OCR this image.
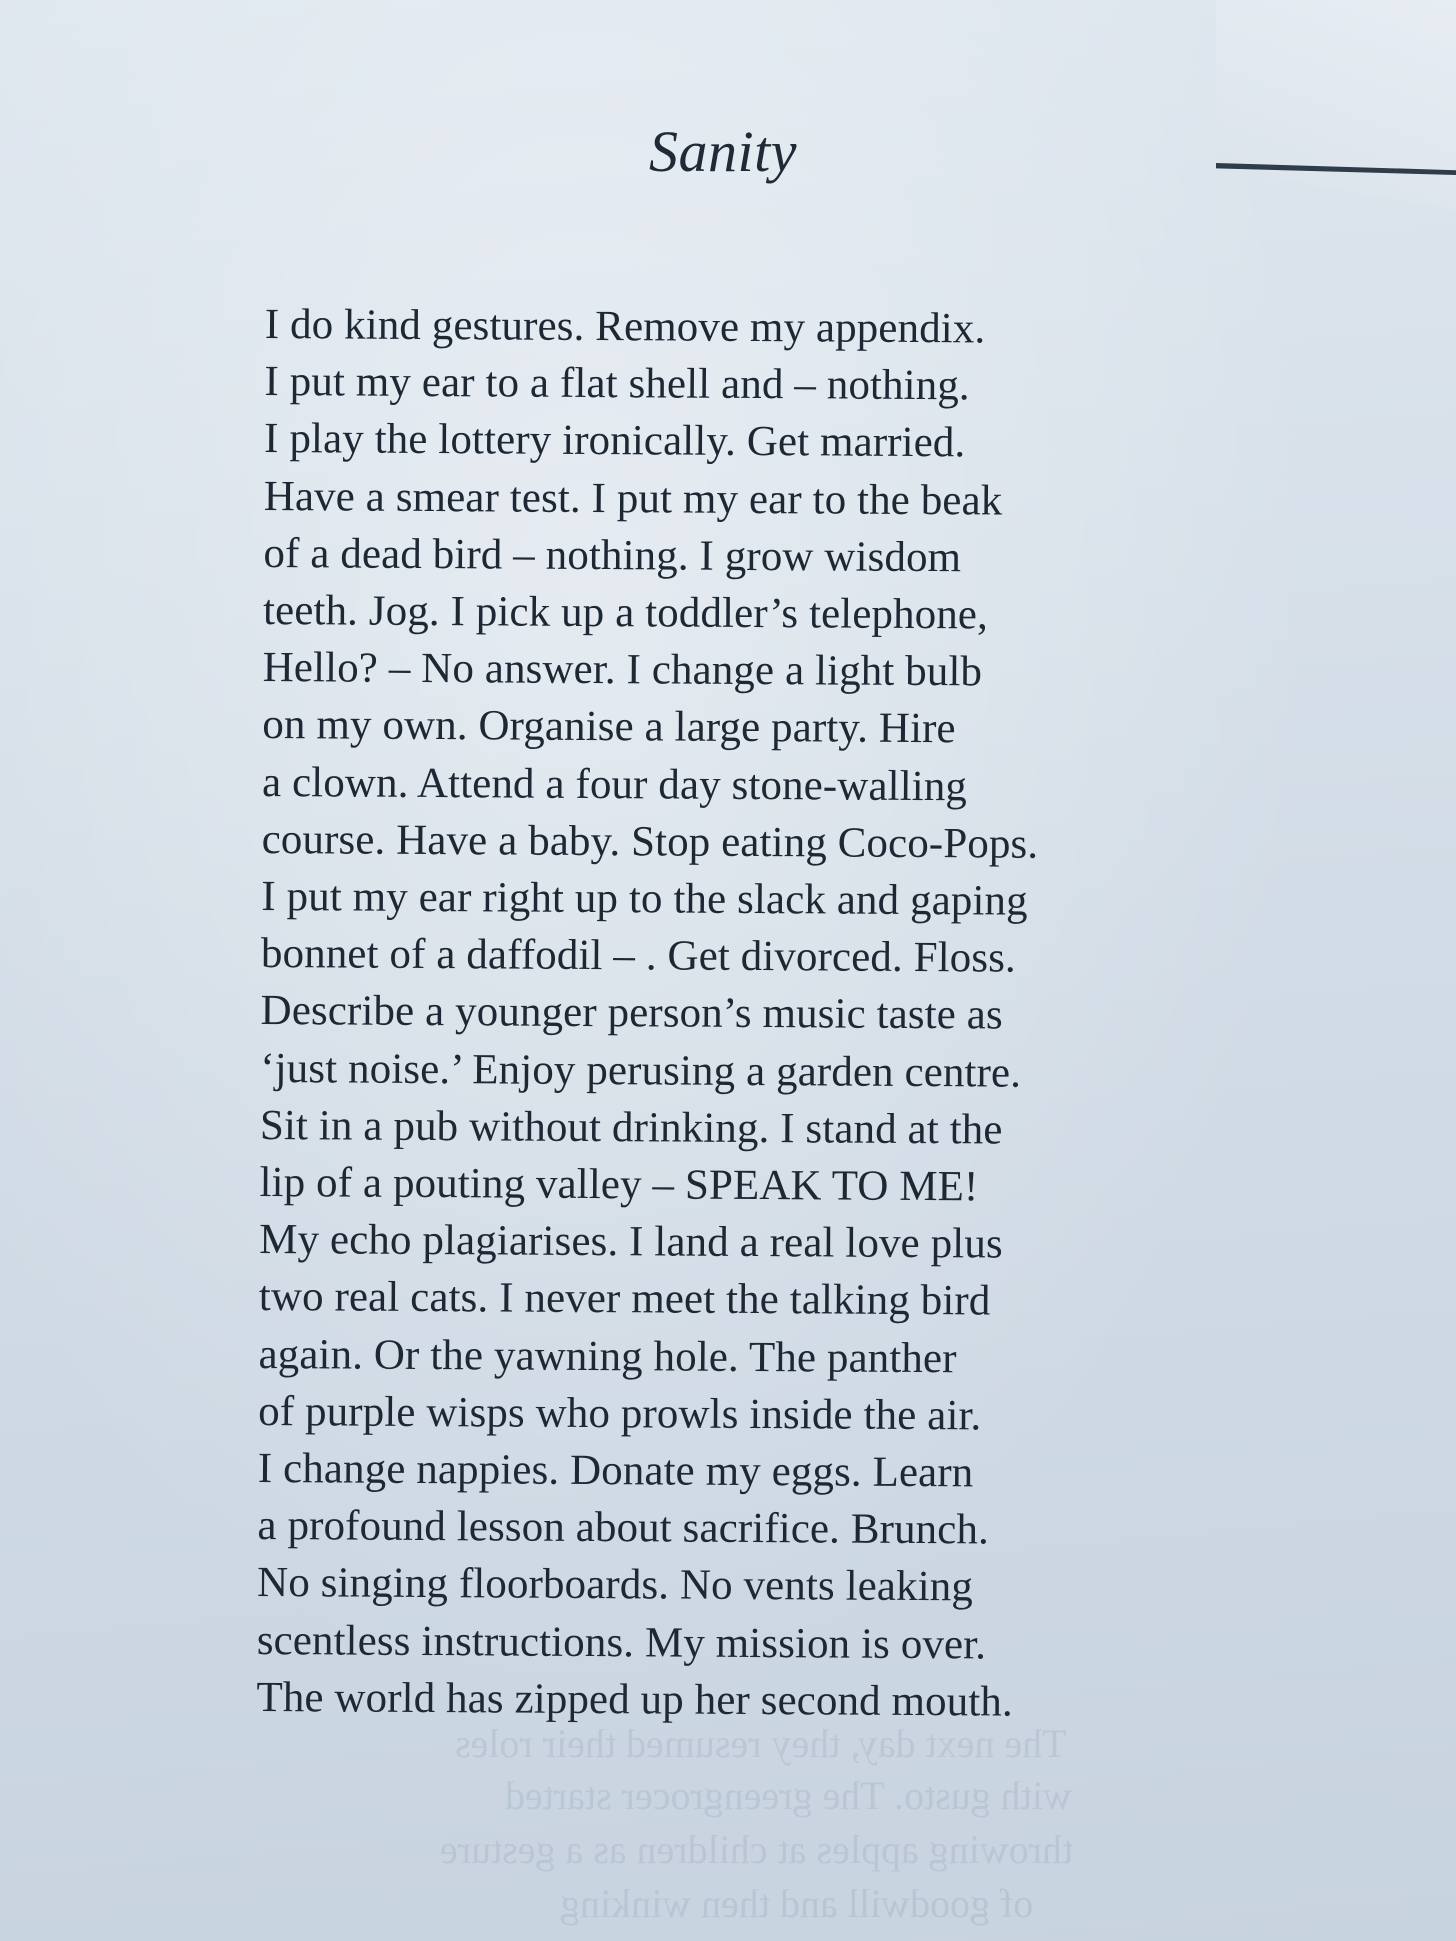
The next day, they resumed their roles
with gusto. The greengrocer started
throwing apples at children as a gesture
of goodwill and then winking
Sanity
I do kind gestures. Remove my appendix.
I put my ear to a flat shell and – nothing.
I play the lottery ironically. Get married.
Have a smear test. I put my ear to the beak
of a dead bird – nothing. I grow wisdom
teeth. Jog. I pick up a toddler’s telephone,
Hello? – No answer. I change a light bulb
on my own. Organise a large party. Hire
a clown. Attend a four day stone-walling
course. Have a baby. Stop eating Coco-Pops.
I put my ear right up to the slack and gaping
bonnet of a daffodil – . Get divorced. Floss.
Describe a younger person’s music taste as
‘just noise.’ Enjoy perusing a garden centre.
Sit in a pub without drinking. I stand at the
lip of a pouting valley – SPEAK TO ME!
My echo plagiarises. I land a real love plus
two real cats. I never meet the talking bird
again. Or the yawning hole. The panther
of purple wisps who prowls inside the air.
I change nappies. Donate my eggs. Learn
a profound lesson about sacrifice. Brunch.
No singing floorboards. No vents leaking
scentless instructions. My mission is over.
The world has zipped up her second mouth.
